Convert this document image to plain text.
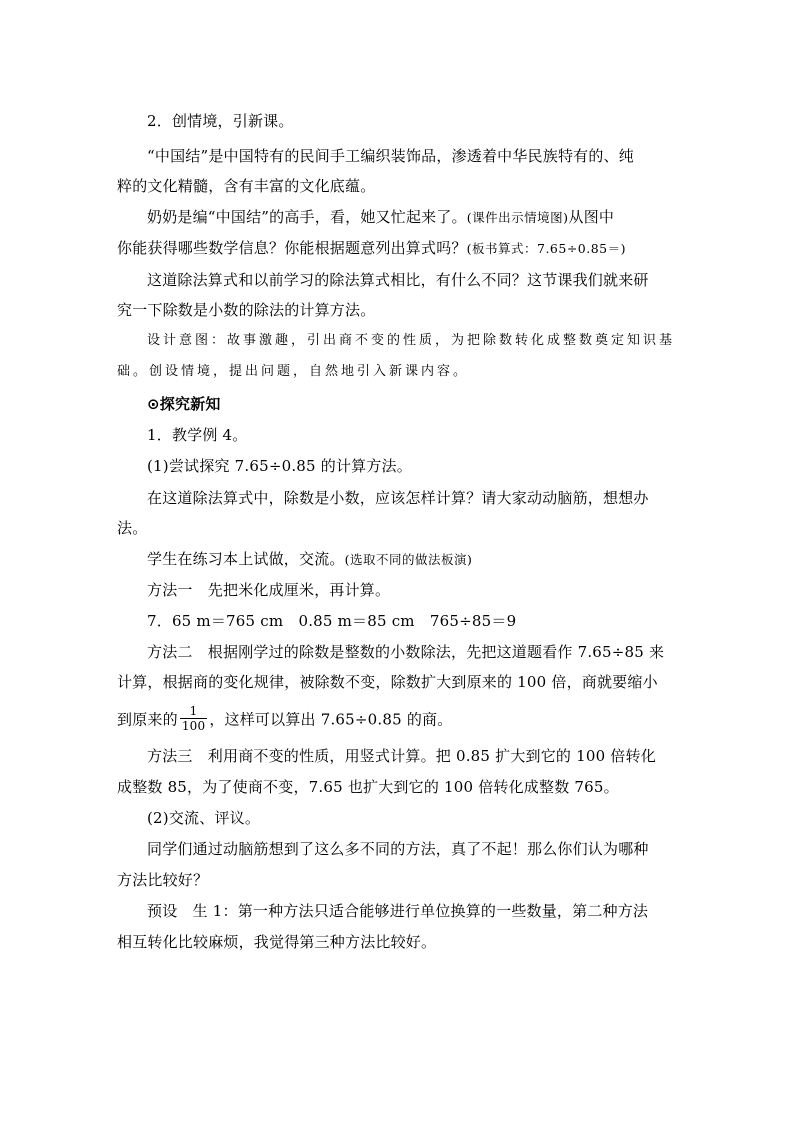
2．创情境，引新课。
“中国结”是中国特有的民间手工编织装饰品，渗透着中华民族特有的、纯
粹的文化精髓，含有丰富的文化底蕴。
奶奶是编“中国结”的高手，看，她又忙起来了。(课件出示情境图)从图中
你能获得哪些数学信息？你能根据题意列出算式吗？(板书算式：7.65÷0.85＝)
这道除法算式和以前学习的除法算式相比，有什么不同？这节课我们就来研
究一下除数是小数的除法的计算方法。
设计意图：故事激趣，引出商不变的性质，为把除数转化成整数奠定知识基
础。创设情境，提出问题，自然地引入新课内容。
⊙探究新知
1．教学例 4。
(1)尝试探究 7.65÷0.85 的计算方法。
在这道除法算式中，除数是小数，应该怎样计算？请大家动动脑筋，想想办
法。
学生在练习本上试做，交流。(选取不同的做法板演)
方法一　先把米化成厘米，再计算。
7．65 m＝765 cm　0.85 m＝85 cm　765÷85＝9
方法二　根据刚学过的除数是整数的小数除法，先把这道题看作 7.65÷85 来
计算，根据商的变化规律，被除数不变，除数扩大到原来的 100 倍，商就要缩小
到原来的 $\frac{1}{100}$ ，这样可以算出 7.65÷0.85 的商。
方法三　利用商不变的性质，用竖式计算。把 0.85 扩大到它的 100 倍转化
成整数 85，为了使商不变，7.65 也扩大到它的 100 倍转化成整数 765。
(2)交流、评议。
同学们通过动脑筋想到了这么多不同的方法，真了不起！那么你们认为哪种
方法比较好？
预设　生 1：第一种方法只适合能够进行单位换算的一些数量，第二种方法
相互转化比较麻烦，我觉得第三种方法比较好。
